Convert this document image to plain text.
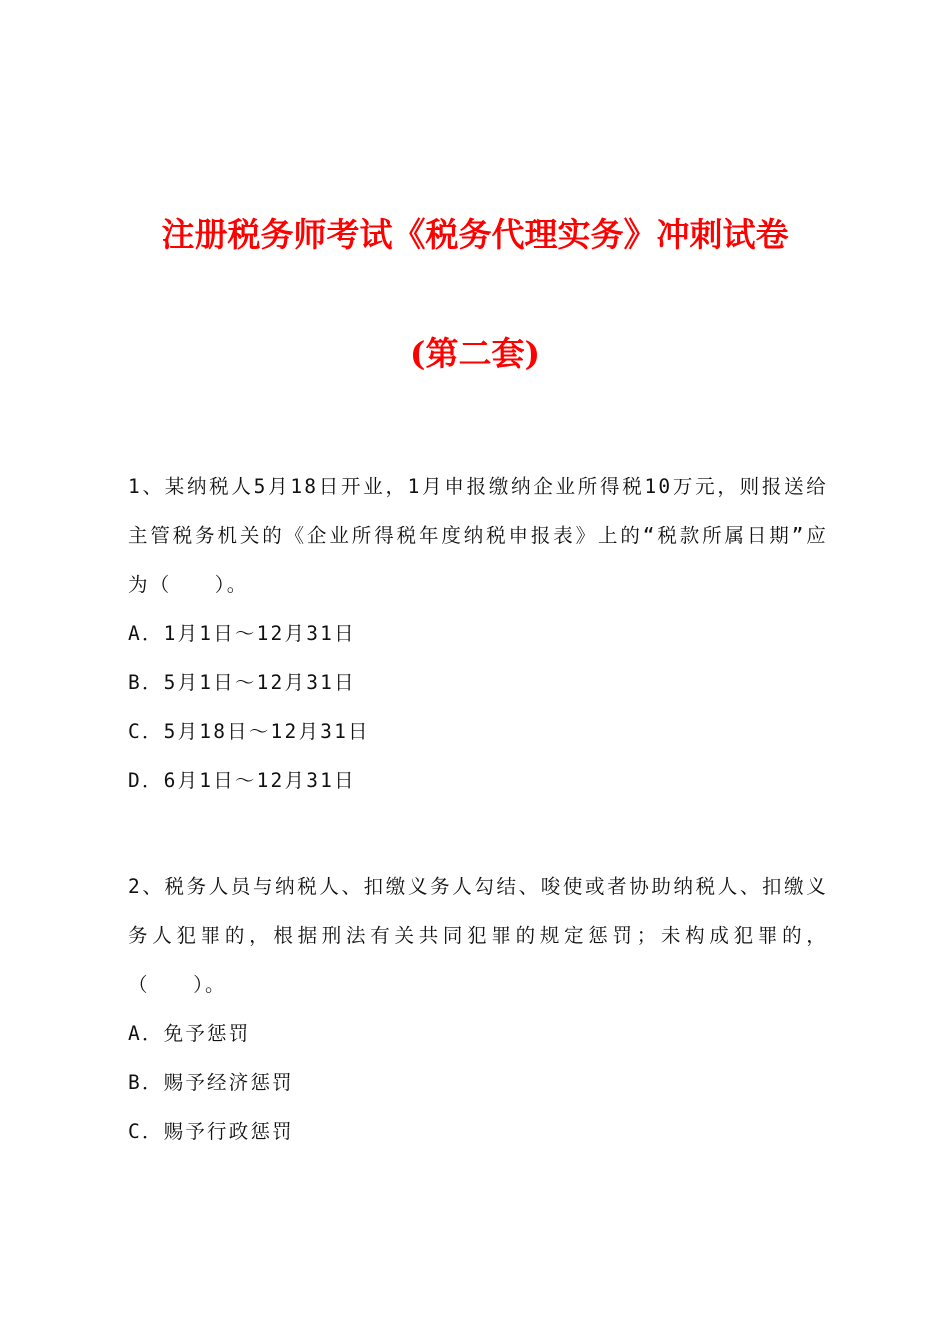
注册税务师考试《税务代理实务》冲刺试卷
(第二套)

1、某纳税人5月18日开业，1月申报缴纳企业所得税10万元，则报送给主管税务机关的《企业所得税年度纳税申报表》上的“税款所属日期”应为（　　）。

A．1月1日～12月31日

B．5月1日～12月31日

C．5月18日～12月31日

D．6月1日～12月31日

2、税务人员与纳税人、扣缴义务人勾结、唆使或者协助纳税人、扣缴义务人犯罪的，根据刑法有关共同犯罪的规定惩罚；未构成犯罪的，（　　）。

A．免予惩罚

B．赐予经济惩罚

C．赐予行政惩罚
